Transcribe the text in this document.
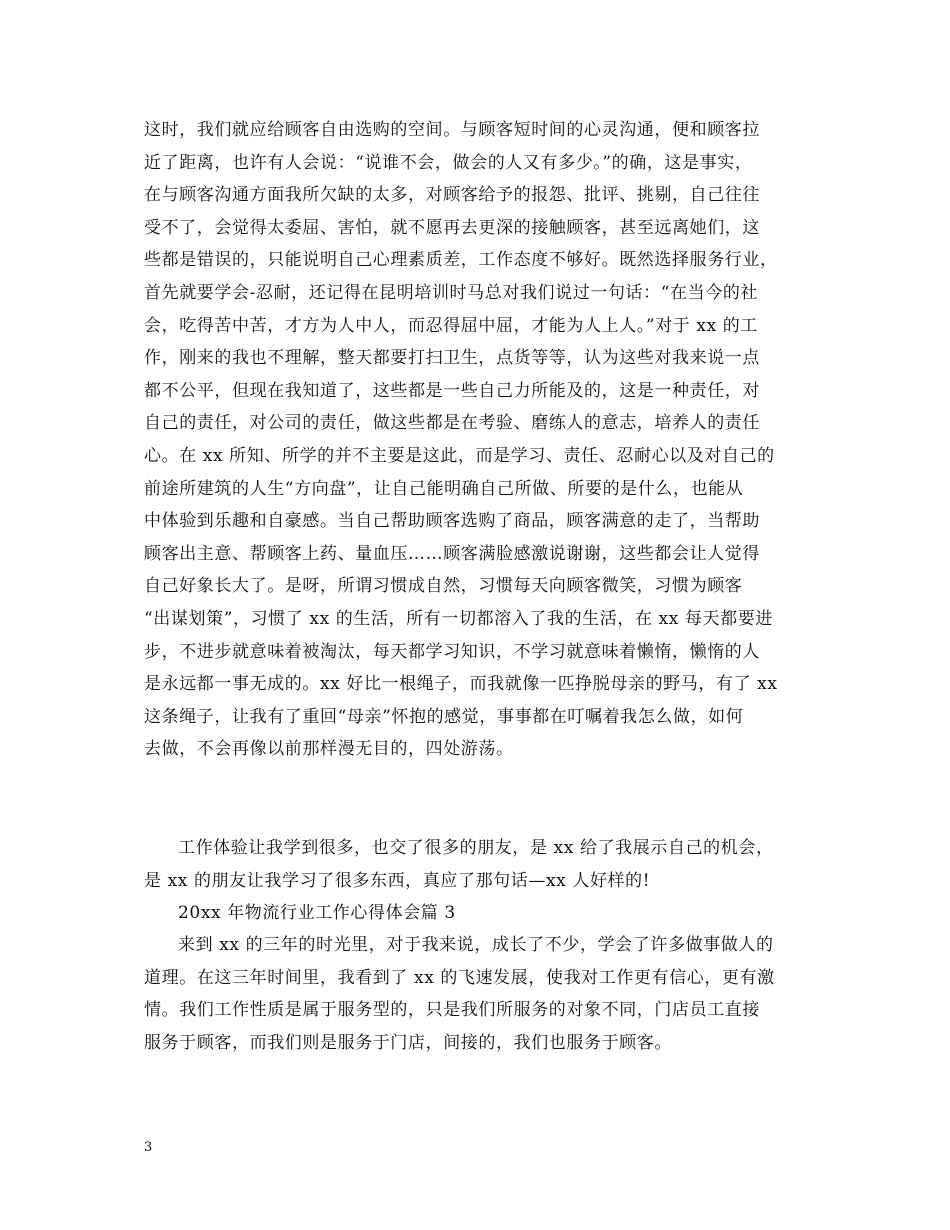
这时，我们就应给顾客自由选购的空间。与顾客短时间的心灵沟通，便和顾客拉
近了距离，也许有人会说：“说谁不会，做会的人又有多少。”的确，这是事实，
在与顾客沟通方面我所欠缺的太多，对顾客给予的报怨、批评、挑剔，自己往往
受不了，会觉得太委屈、害怕，就不愿再去更深的接触顾客，甚至远离她们，这
些都是错误的，只能说明自己心理素质差，工作态度不够好。既然选择服务行业，
首先就要学会-忍耐，还记得在昆明培训时马总对我们说过一句话：“在当今的社
会，吃得苦中苦，才方为人中人，而忍得屈中屈，才能为人上人。”对于 xx 的工
作，刚来的我也不理解，整天都要打扫卫生，点货等等，认为这些对我来说一点
都不公平，但现在我知道了，这些都是一些自己力所能及的，这是一种责任，对
自己的责任，对公司的责任，做这些都是在考验、磨练人的意志，培养人的责任
心。在 xx 所知、所学的并不主要是这此，而是学习、责任、忍耐心以及对自己的
前途所建筑的人生“方向盘”，让自己能明确自己所做、所要的是什么，也能从
中体验到乐趣和自豪感。当自己帮助顾客选购了商品，顾客满意的走了，当帮助
顾客出主意、帮顾客上药、量血压……顾客满脸感激说谢谢，这些都会让人觉得
自己好象长大了。是呀，所谓习惯成自然，习惯每天向顾客微笑，习惯为顾客
“出谋划策”，习惯了 xx 的生活，所有一切都溶入了我的生活，在 xx 每天都要进
步，不进步就意味着被淘汰，每天都学习知识，不学习就意味着懒惰，懒惰的人
是永远都一事无成的。xx 好比一根绳子，而我就像一匹挣脱母亲的野马，有了 xx
这条绳子，让我有了重回“母亲”怀抱的感觉，事事都在叮嘱着我怎么做，如何
去做，不会再像以前那样漫无目的，四处游荡。
工作体验让我学到很多，也交了很多的朋友，是 xx 给了我展示自己的机会，
是 xx 的朋友让我学习了很多东西，真应了那句话—xx 人好样的!
20xx 年物流行业工作心得体会篇 3
来到 xx 的三年的时光里，对于我来说，成长了不少，学会了许多做事做人的
道理。在这三年时间里，我看到了 xx 的飞速发展，使我对工作更有信心，更有激
情。我们工作性质是属于服务型的，只是我们所服务的对象不同，门店员工直接
服务于顾客，而我们则是服务于门店，间接的，我们也服务于顾客。
3
